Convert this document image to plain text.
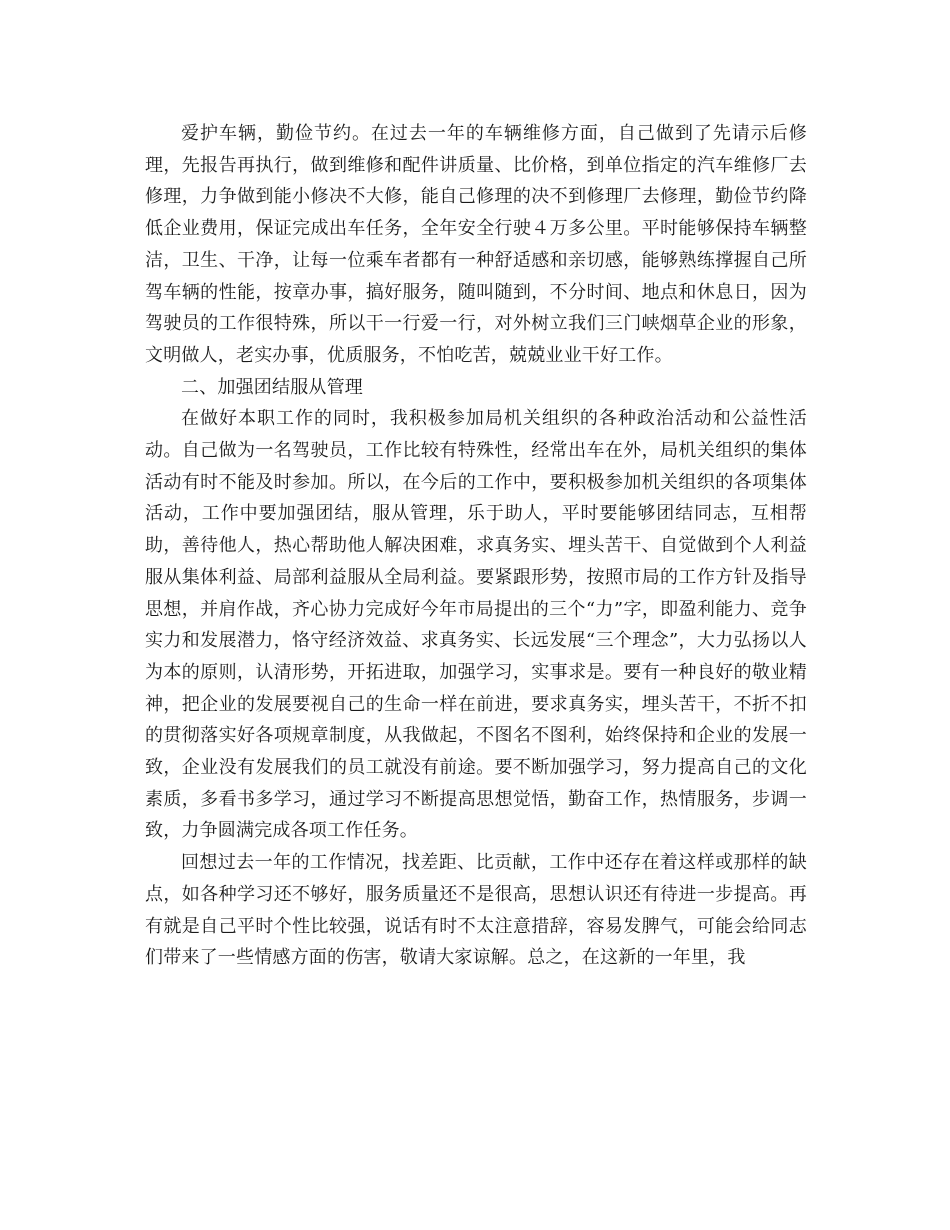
爱护车辆，勤俭节约。在过去一年的车辆维修方面，自己做到了先请示后修理，先报告再执行，做到维修和配件讲质量、比价格，到单位指定的汽车维修厂去修理，力争做到能小修决不大修，能自己修理的决不到修理厂去修理，勤俭节约降低企业费用，保证完成出车任务，全年安全行驶４万多公里。平时能够保持车辆整洁，卫生、干净，让每一位乘车者都有一种舒适感和亲切感，能够熟练撑握自己所驾车辆的性能，按章办事，搞好服务，随叫随到，不分时间、地点和休息日，因为驾驶员的工作很特殊，所以干一行爱一行，对外树立我们三门峡烟草企业的形象，文明做人，老实办事，优质服务，不怕吃苦，兢兢业业干好工作。

二、加强团结服从管理

在做好本职工作的同时，我积极参加局机关组织的各种政治活动和公益性活动。自己做为一名驾驶员，工作比较有特殊性，经常出车在外，局机关组织的集体活动有时不能及时参加。所以，在今后的工作中，要积极参加机关组织的各项集体活动，工作中要加强团结，服从管理，乐于助人，平时要能够团结同志，互相帮助，善待他人，热心帮助他人解决困难，求真务实、埋头苦干、自觉做到个人利益服从集体利益、局部利益服从全局利益。要紧跟形势，按照市局的工作方针及指导思想，并肩作战，齐心协力完成好今年市局提出的三个“力”字，即盈利能力、竞争实力和发展潜力，恪守经济效益、求真务实、长远发展“三个理念”，大力弘扬以人为本的原则，认清形势，开拓进取，加强学习，实事求是。要有一种良好的敬业精神，把企业的发展要视自己的生命一样在前进，要求真务实，埋头苦干，不折不扣的贯彻落实好各项规章制度，从我做起，不图名不图利，始终保持和企业的发展一致，企业没有发展我们的员工就没有前途。要不断加强学习，努力提高自己的文化素质，多看书多学习，通过学习不断提高思想觉悟，勤奋工作，热情服务，步调一致，力争圆满完成各项工作任务。

回想过去一年的工作情况，找差距、比贡献，工作中还存在着这样或那样的缺点，如各种学习还不够好，服务质量还不是很高，思想认识还有待进一步提高。再有就是自己平时个性比较强，说话有时不太注意措辞，容易发脾气，可能会给同志们带来了一些情感方面的伤害，敬请大家谅解。总之，在这新的一年里，我
